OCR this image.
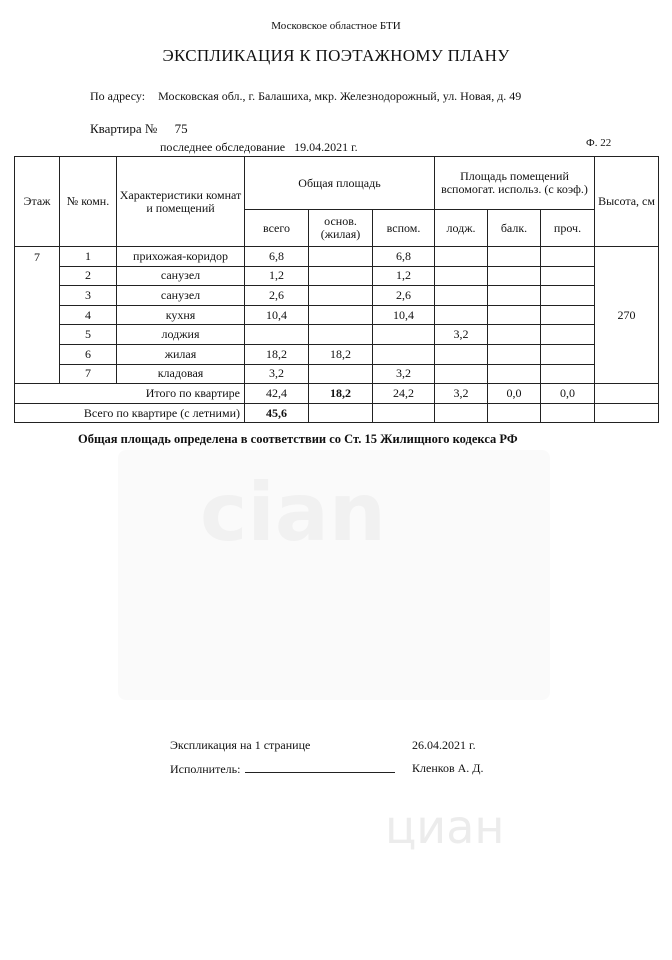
Московское областное БТИ
ЭКСПЛИКАЦИЯ К ПОЭТАЖНОМУ ПЛАНУ
По адресу: Московская обл., г. Балашиха, мкр. Железнодорожный, ул. Новая, д. 49
Квартира № 75
последнее обследование 19.04.2021 г.	Ф. 22
Этаж	№ комн.	Характеристики комнат и помещений	Общая площадь			Площадь помещений вспомогат. использ. (с коэф.)			Высота, см
			всего	основ. (жилая)	вспом.	лодж.	балк.	проч.	
7	1	прихожая-коридор	6,8		6,8				270
	2	санузел	1,2		1,2				
	3	санузел	2,6		2,6				
	4	кухня	10,4		10,4				
	5	лоджия				3,2			
	6	жилая	18,2	18,2					
	7	кладовая	3,2		3,2				
Итого по квартире			42,4	18,2	24,2	3,2	0,0	0,0	
Всего по квартире (с летними)			45,6						
Общая площадь определена в соответствии со Ст. 15 Жилищного кодекса РФ
cian
циан
Экспликация на 1 странице	26.04.2021 г.
Исполнитель:	Кленков А. Д.
